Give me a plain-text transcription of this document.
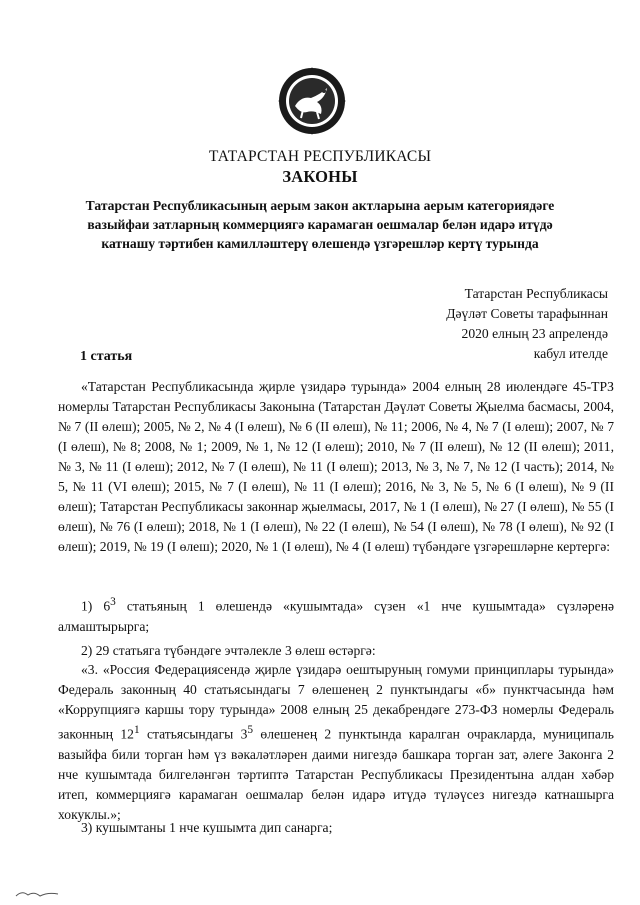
ТАТАРСТАН РЕСПУБЛИКАСЫ
ЗАКОНЫ
Татарстан Республикасының аерым закон актларына аерым категориядәге вазыйфаи затларның коммерциягә карамаган оешмалар белән идарә итүдә катнашу тәртибен камилләштерү өлешендә үзгәрешләр кертү турында
Татарстан Республикасы
Дәүләт Советы тарафыннан
2020 елның 23 апрелендә
кабул ителде
1 статья
«Татарстан Республикасында җирле үзидарә турында» 2004 елның 28 июлендәге 45-ТРЗ номерлы Татарстан Республикасы Законына (Татарстан Дәүләт Советы Җыелма басмасы, 2004, № 7 (II өлеш); 2005, № 2, № 4 (I өлеш), № 6 (II өлеш), № 11; 2006, № 4, № 7 (I өлеш); 2007, № 7 (I өлеш), № 8; 2008, № 1; 2009, № 1, № 12 (I өлеш); 2010, № 7 (II өлеш), № 12 (II өлеш); 2011, № 3, № 11 (I өлеш); 2012, № 7 (I өлеш), № 11 (I өлеш); 2013, № 3, № 7, № 12 (I часть); 2014, № 5, № 11 (VI өлеш); 2015, № 7 (I өлеш), № 11 (I өлеш); 2016, № 3, № 5, № 6 (I өлеш), № 9 (II өлеш); Татарстан Республикасы законнар җыелмасы, 2017, № 1 (I өлеш), № 27 (I өлеш), № 55 (I өлеш), № 76 (I өлеш); 2018, № 1 (I өлеш), № 22 (I өлеш), № 54 (I өлеш), № 78 (I өлеш), № 92 (I өлеш); 2019, № 19 (I өлеш); 2020, № 1 (I өлеш), № 4 (I өлеш) түбәндәге үзгәрешләрне кертергә:
1) $6^3$ статьяның 1 өлешендә «кушымтада» сүзен «1 нче кушымтада» сүзләренә алмаштырырга;
2) 29 статьяга түбәндәге эчтәлекле 3 өлеш өстәргә:
«3. «Россия Федерациясендә җирле үзидарә оештыруның гомуми принциплары турында» Федераль законның 40 статьясындагы 7 өлешенең 2 пунктындагы «б» пунктчасында һәм «Коррупциягә каршы тору турында» 2008 елның 25 декабрендәге 273-ФЗ номерлы Федераль законның $12^1$ статьясындагы $3^5$ өлешенең 2 пунктында каралган очракларда, муниципаль вазыйфа били торган һәм үз вәкаләтләрен даими нигездә башкара торган зат, әлеге Законга 2 нче кушымтада билгеләнгән тәртиптә Татарстан Республикасы Президентына алдан хәбәр итеп, коммерциягә карамаган оешмалар белән идарә итүдә түләүсез нигездә катнашырга хокуклы.»;
3) кушымтаны 1 нче кушымта дип санарга;
